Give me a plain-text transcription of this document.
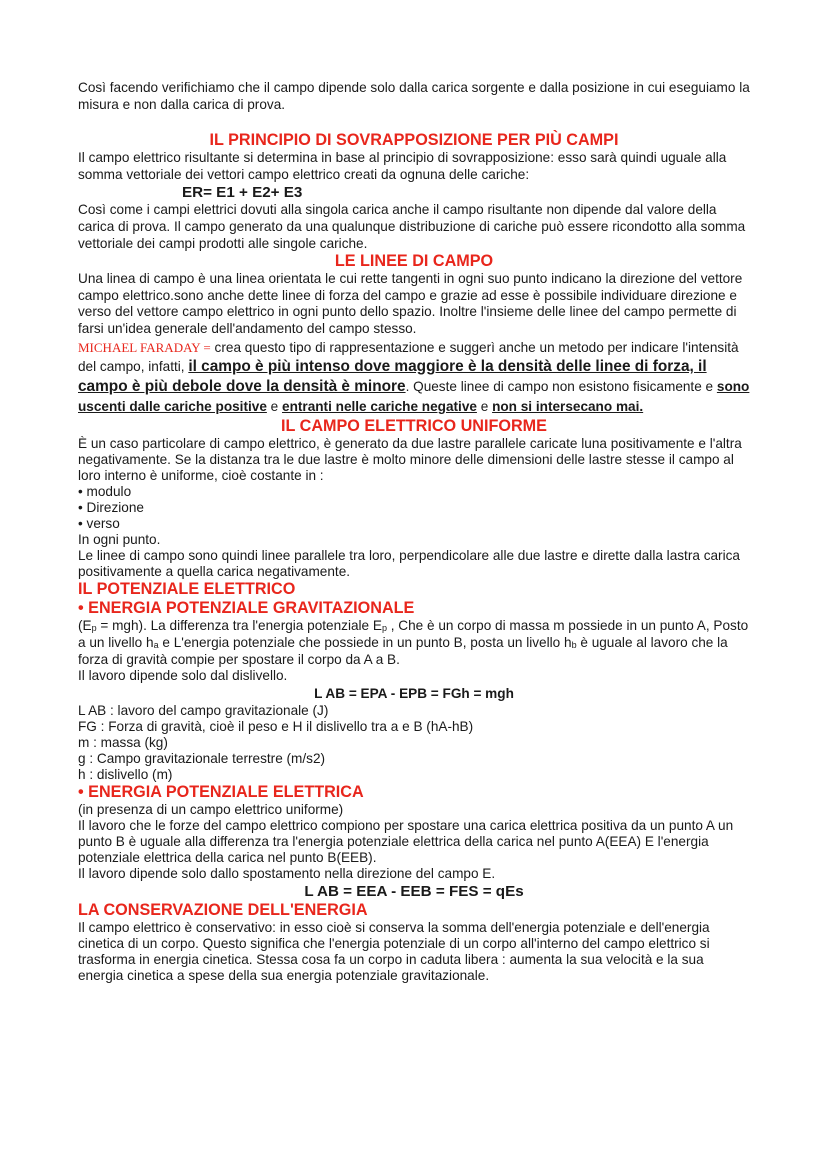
Così facendo verifichiamo che il campo dipende solo dalla carica sorgente e dalla posizione in cui eseguiamo la misura e non dalla carica di prova.

IL PRINCIPIO DI SOVRAPPOSIZIONE PER PIÙ CAMPI

Il campo elettrico risultante si determina in base al principio di sovrapposizione: esso sarà quindi uguale alla somma vettoriale dei vettori campo elettrico creati da ognuna delle cariche:

ER= E1 + E2+ E3

Così come i campi elettrici dovuti alla singola carica anche il campo risultante non dipende dal valore della carica di prova. Il campo generato da una qualunque distribuzione di cariche può essere ricondotto alla somma vettoriale dei campi prodotti alle singole cariche.

LE LINEE DI CAMPO

Una linea di campo è una linea orientata le cui rette tangenti in ogni suo punto indicano la direzione del vettore campo elettrico.sono anche dette linee di forza del campo e grazie ad esse è possibile individuare direzione e verso del vettore campo elettrico in ogni punto dello spazio. Inoltre l'insieme delle linee del campo permette di farsi un'idea generale dell'andamento del campo stesso.

MICHAEL FARADAY = crea questo tipo di rappresentazione e suggerì anche un metodo per indicare l'intensità del campo, infatti, il campo è più intenso dove maggiore è la densità delle linee di forza, il campo è più debole dove la densità è minore. Queste linee di campo non esistono fisicamente e sono uscenti dalle cariche positive e entranti nelle cariche negative e non si intersecano mai.

IL CAMPO ELETTRICO UNIFORME

È un caso particolare di campo elettrico, è generato da due lastre parallele caricate luna positivamente e l'altra negativamente. Se la distanza tra le due lastre è molto minore delle dimensioni delle lastre stesse il campo al loro interno è uniforme, cioè costante in :

• modulo
• Direzione
• verso

In ogni punto.

Le linee di campo sono quindi linee parallele tra loro, perpendicolare alle due lastre e dirette dalla lastra carica positivamente a quella carica negativamente.

IL POTENZIALE ELETTRICO
• ENERGIA POTENZIALE GRAVITAZIONALE

$(E_p = mgh)$. La differenza tra l'energia potenziale $E_p$ , Che è un corpo di massa m possiede in un punto A, Posto a un livello $h_a$ e L'energia potenziale che possiede in un punto B, posta un livello $h_b$ è uguale al lavoro che la forza di gravità compie per spostare il corpo da A a B.

Il lavoro dipende solo dal dislivello.

L AB = EPA - EPB = FGh = mgh

L AB : lavoro del campo gravitazionale (J)

FG : Forza di gravità, cioè il peso e H il dislivello tra a e B (hA-hB)

m : massa (kg)

g : Campo gravitazionale terrestre (m/s2)

h : dislivello (m)

• ENERGIA POTENZIALE ELETTRICA

(in presenza di un campo elettrico uniforme)

Il lavoro che le forze del campo elettrico compiono per spostare una carica elettrica positiva da un punto A un punto B è uguale alla differenza tra l'energia potenziale elettrica della carica nel punto A(EEA) E l'energia potenziale elettrica della carica nel punto B(EEB).

Il lavoro dipende solo dallo spostamento nella direzione del campo E.

L AB = EEA - EEB = FES = qEs

LA CONSERVAZIONE DELL'ENERGIA

Il campo elettrico è conservativo: in esso cioè si conserva la somma dell'energia potenziale e dell'energia cinetica di un corpo. Questo significa che l'energia potenziale di un corpo all'interno del campo elettrico si trasforma in energia cinetica. Stessa cosa fa un corpo in caduta libera : aumenta la sua velocità e la sua energia cinetica a spese della sua energia potenziale gravitazionale.
